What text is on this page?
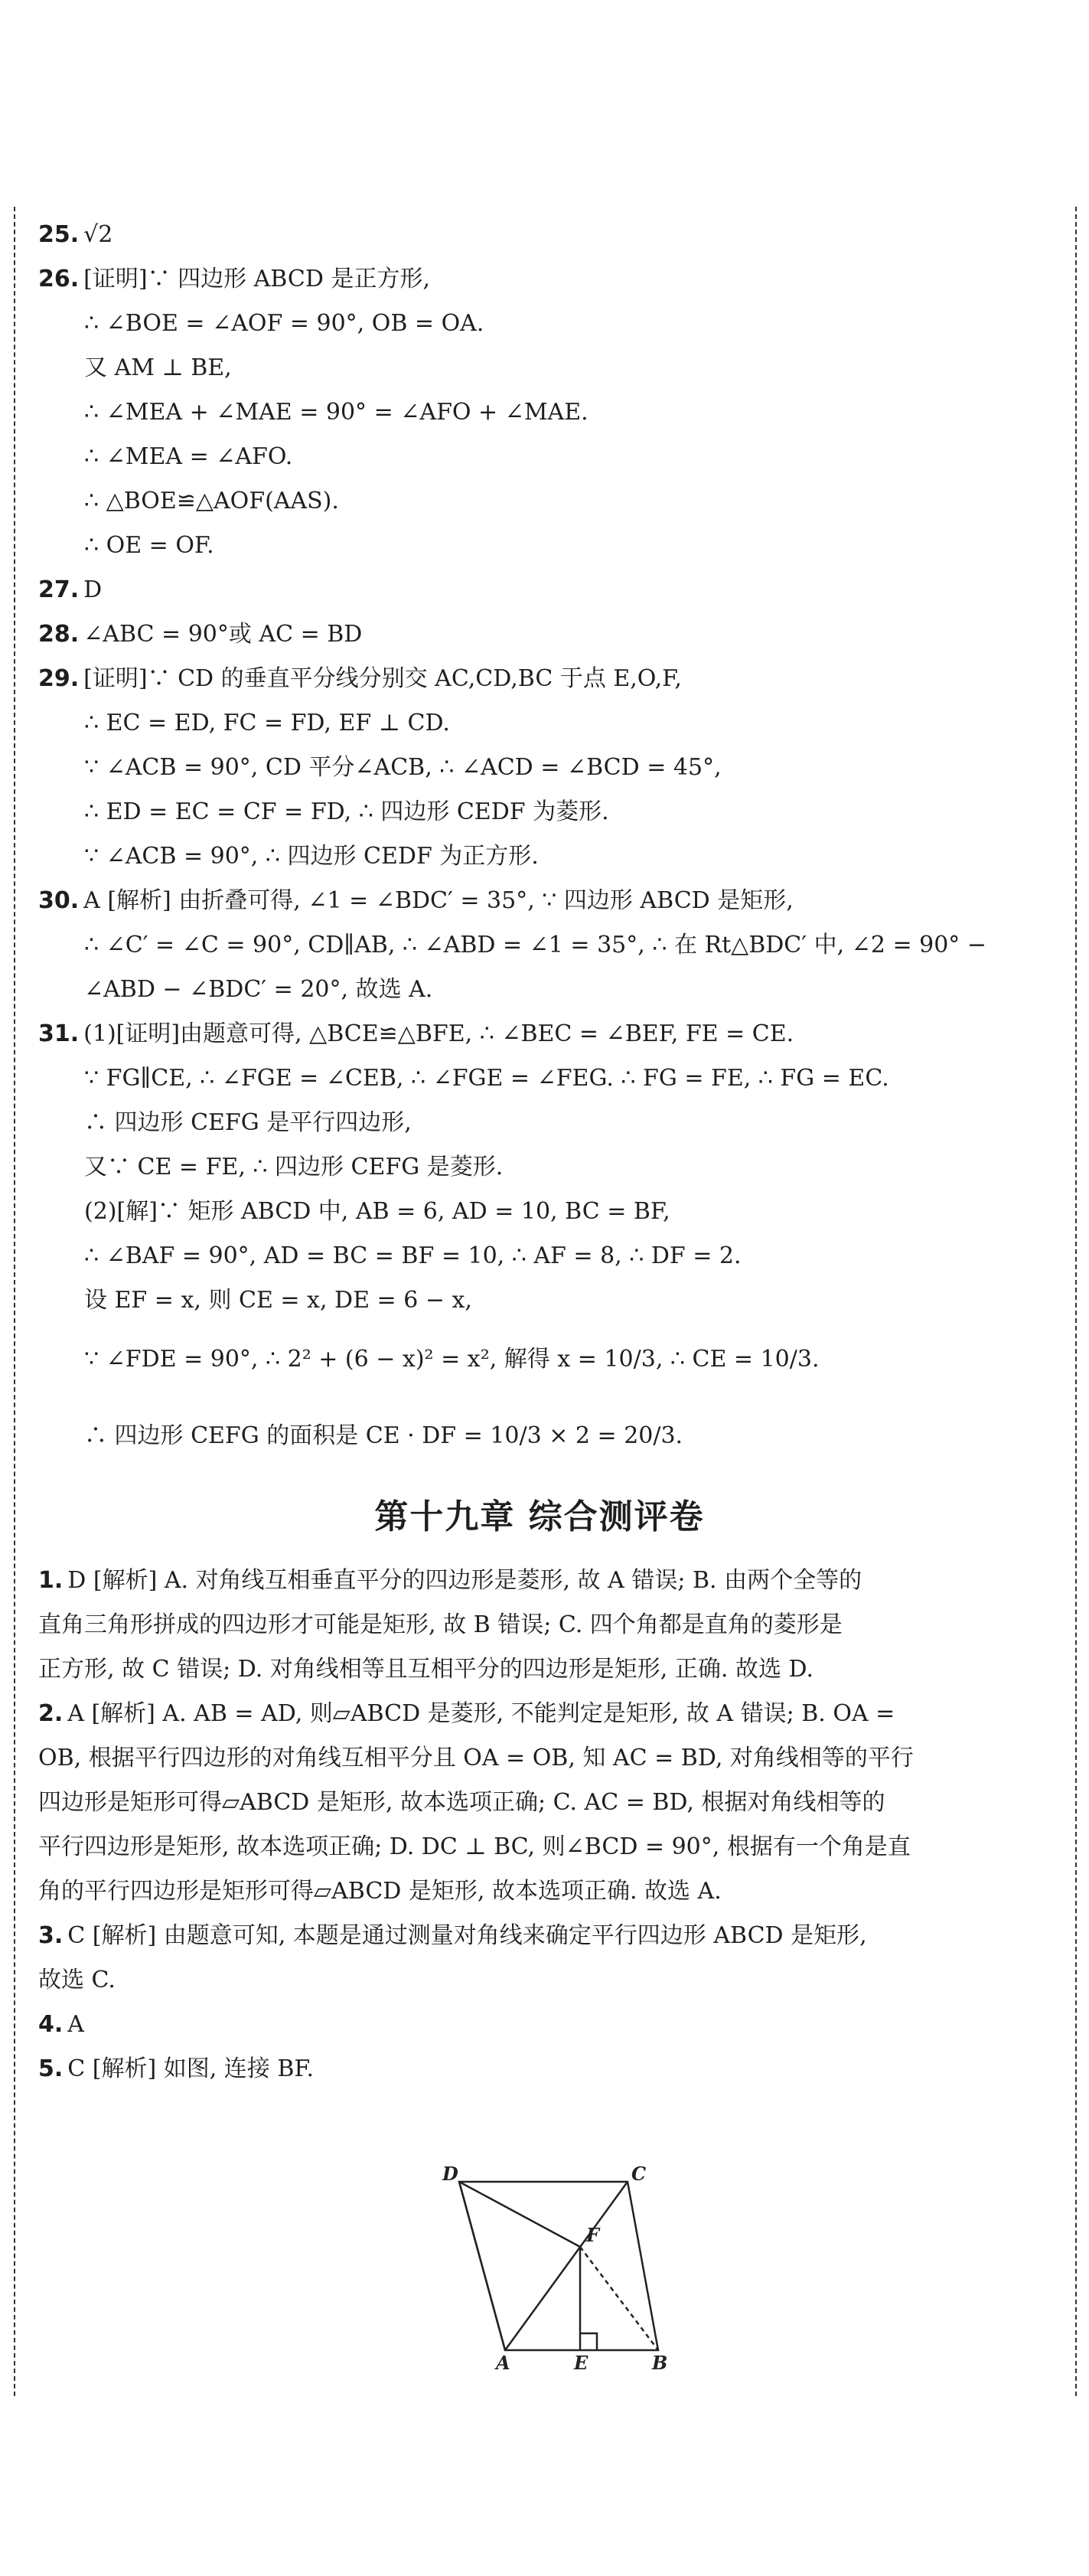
25. √2
26. [证明]∵ 四边形 ABCD 是正方形,
∴ ∠BOE = ∠AOF = 90°, OB = OA.
又 AM ⊥ BE,
∴ ∠MEA + ∠MAE = 90° = ∠AFO + ∠MAE.
∴ ∠MEA = ∠AFO.
∴ △BOE≌△AOF(AAS).
∴ OE = OF.
27. D
28. ∠ABC = 90°或 AC = BD
29. [证明]∵ CD 的垂直平分线分别交 AC,CD,BC 于点 E,O,F,
∴ EC = ED, FC = FD, EF ⊥ CD.
∵ ∠ACB = 90°, CD 平分∠ACB, ∴ ∠ACD = ∠BCD = 45°,
∴ ED = EC = CF = FD, ∴ 四边形 CEDF 为菱形.
∵ ∠ACB = 90°, ∴ 四边形 CEDF 为正方形.
30. A [解析] 由折叠可得, ∠1 = ∠BDC′ = 35°, ∵ 四边形 ABCD 是矩形,
∴ ∠C′ = ∠C = 90°, CD∥AB, ∴ ∠ABD = ∠1 = 35°, ∴ 在 Rt△BDC′ 中, ∠2 = 90° −
∠ABD − ∠BDC′ = 20°, 故选 A.
31. (1)[证明]由题意可得, △BCE≌△BFE, ∴ ∠BEC = ∠BEF, FE = CE.
∵ FG∥CE, ∴ ∠FGE = ∠CEB, ∴ ∠FGE = ∠FEG. ∴ FG = FE, ∴ FG = EC.
∴ 四边形 CEFG 是平行四边形,
又∵ CE = FE, ∴ 四边形 CEFG 是菱形.
(2)[解]∵ 矩形 ABCD 中, AB = 6, AD = 10, BC = BF,
∴ ∠BAF = 90°, AD = BC = BF = 10, ∴ AF = 8, ∴ DF = 2.
设 EF = x, 则 CE = x, DE = 6 − x,
∵ ∠FDE = 90°, ∴ 2² + (6 − x)² = x², 解得 x = 10/3, ∴ CE = 10/3.
∴ 四边形 CEFG 的面积是 CE · DF = 10/3 × 2 = 20/3.
第十九章 综合测评卷
1. D [解析] A. 对角线互相垂直平分的四边形是菱形, 故 A 错误; B. 由两个全等的
直角三角形拼成的四边形才可能是矩形, 故 B 错误; C. 四个角都是直角的菱形是
正方形, 故 C 错误; D. 对角线相等且互相平分的四边形是矩形, 正确. 故选 D.
2. A [解析] A. AB = AD, 则▱ABCD 是菱形, 不能判定是矩形, 故 A 错误; B. OA =
OB, 根据平行四边形的对角线互相平分且 OA = OB, 知 AC = BD, 对角线相等的平行
四边形是矩形可得▱ABCD 是矩形, 故本选项正确; C. AC = BD, 根据对角线相等的
平行四边形是矩形, 故本选项正确; D. DC ⊥ BC, 则∠BCD = 90°, 根据有一个角是直
角的平行四边形是矩形可得▱ABCD 是矩形, 故本选项正确. 故选 A.
3. C [解析] 由题意可知, 本题是通过测量对角线来确定平行四边形 ABCD 是矩形,
故选 C.
4. A
5. C [解析] 如图, 连接 BF.
D	C
F
A	E	B
